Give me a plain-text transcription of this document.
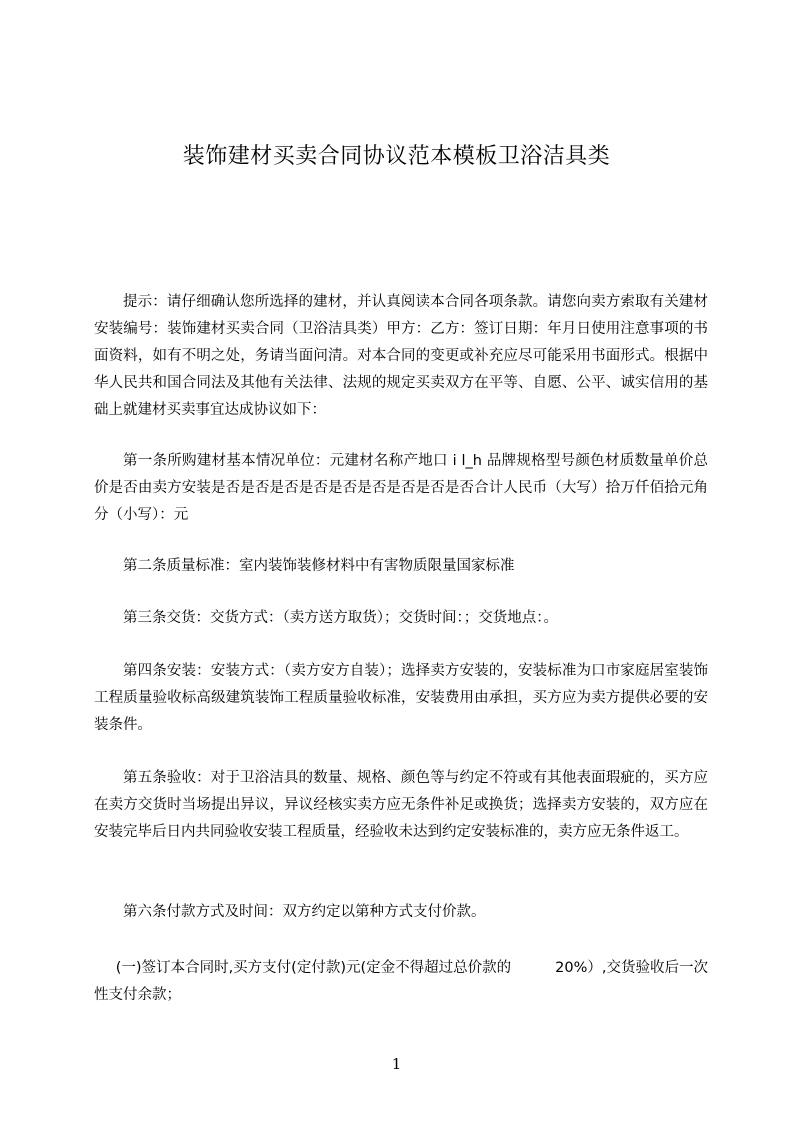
装饰建材买卖合同协议范本模板卫浴洁具类
提示：请仔细确认您所选择的建材，并认真阅读本合同各项条款。请您向卖方索取有关建材安装编号：装饰建材买卖合同（卫浴洁具类）甲方：乙方：签订日期：年月日使用注意事项的书面资料，如有不明之处，务请当面问清。对本合同的变更或补充应尽可能采用书面形式。根据中华人民共和国合同法及其他有关法律、法规的规定买卖双方在平等、自愿、公平、诚实信用的基础上就建材买卖事宜达成协议如下：
第一条所购建材基本情况单位：元建材名称产地口 i l_h 品牌规格型号颜色材质数量单价总价是否由卖方安装是否是否是否是否是否是否是否是否是否合计人民币（大写）拾万仟佰拾元角分（小写）：元
第二条质量标准：室内装饰装修材料中有害物质限量国家标准
第三条交货：交货方式：（卖方送方取货）；交货时间：；交货地点：。
第四条安装：安装方式：（卖方安方自装）；选择卖方安装的，安装标准为口市家庭居室装饰工程质量验收标高级建筑装饰工程质量验收标准，安装费用由承担，买方应为卖方提供必要的安装条件。
第五条验收：对于卫浴洁具的数量、规格、颜色等与约定不符或有其他表面瑕疵的，买方应在卖方交货时当场提出异议，异议经核实卖方应无条件补足或换货；选择卖方安装的，双方应在安装完毕后日内共同验收安装工程质量，经验收未达到约定安装标准的，卖方应无条件返工。
第六条付款方式及时间：双方约定以第种方式支付价款。
(一)签订本合同时,买方支付(定付款)元(定金不得超过总价款的	20%）,交货验收后一次性支付余款；
1
